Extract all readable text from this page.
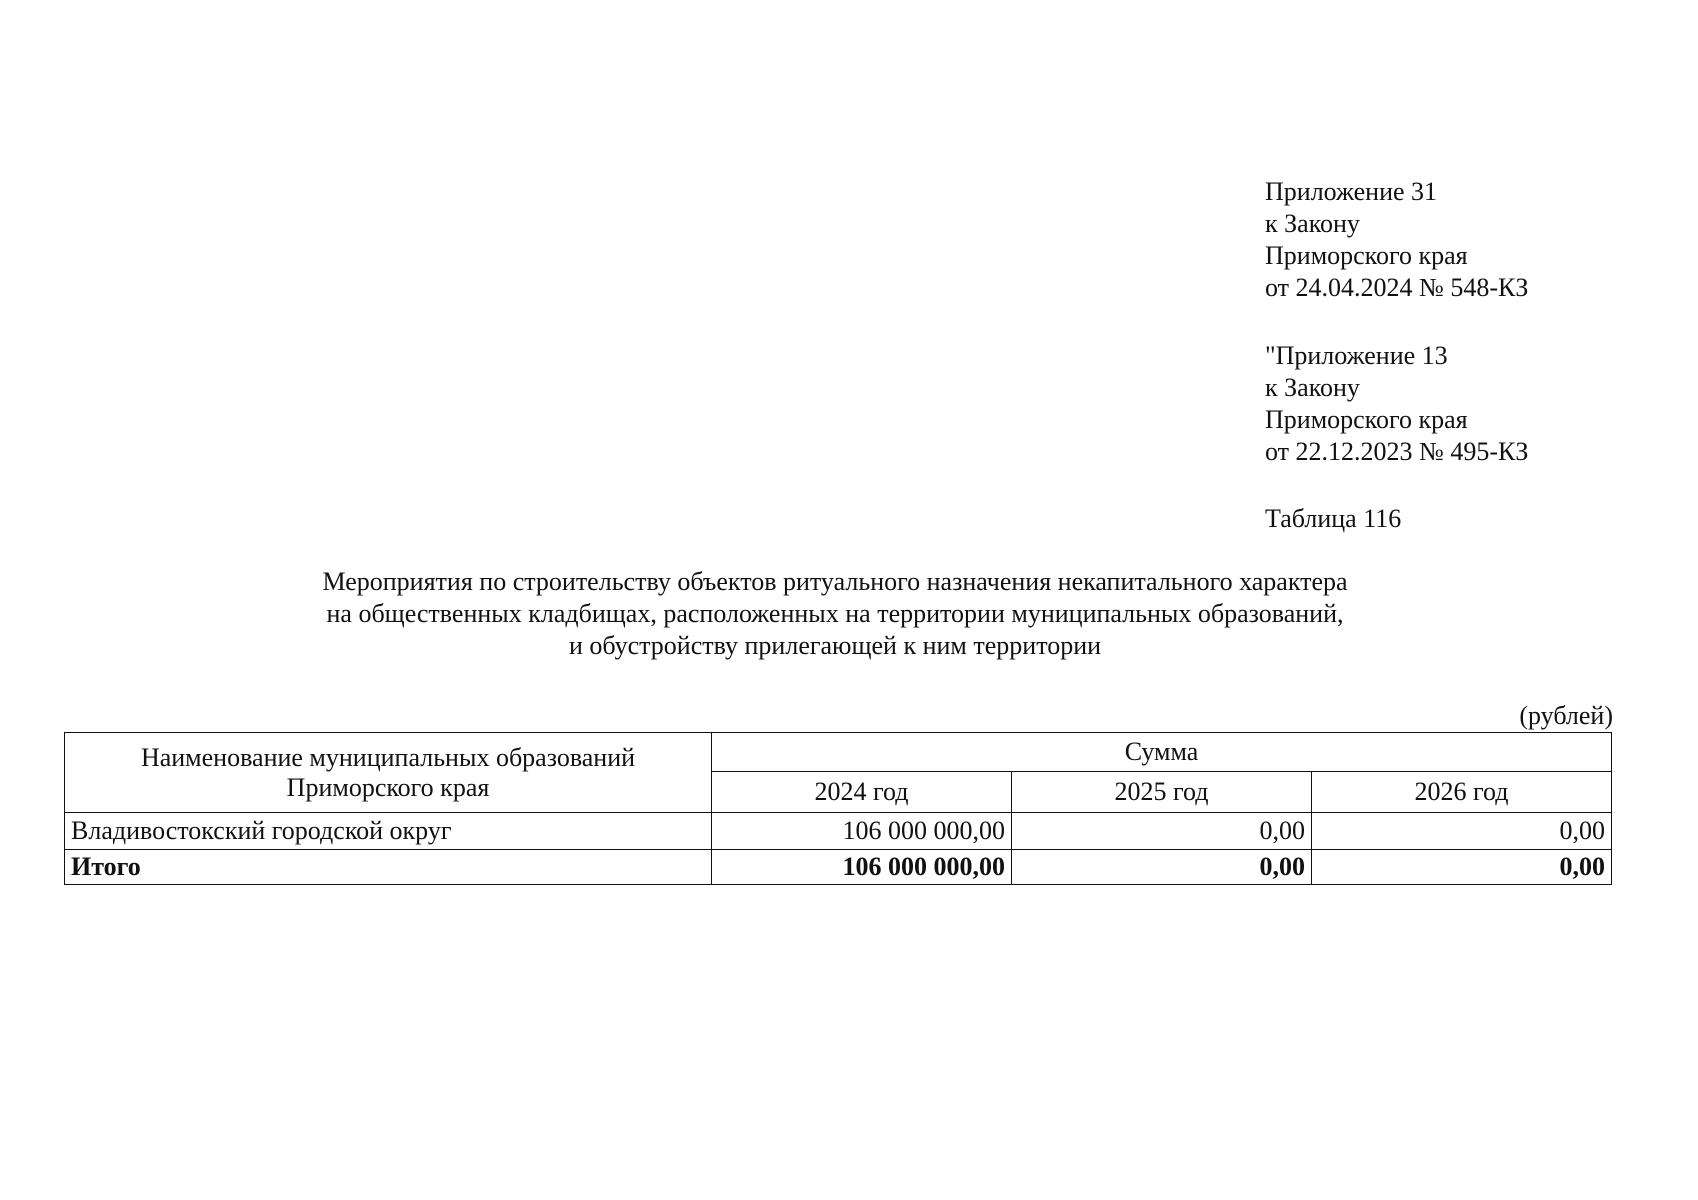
Приложение 31
к Закону
Приморского края
от 24.04.2024 № 548-КЗ
"Приложение 13
к Закону
Приморского края
от 22.12.2023 № 495-КЗ
Таблица 116
Мероприятия по строительству объектов ритуального назначения некапитального характера
на общественных кладбищах, расположенных на территории муниципальных образований,
и обустройству прилегающей к ним территории
(рублей)
Наименование муниципальных образований
Приморского края	Сумма		
	2024 год	2025 год	2026 год
Владивостокский городской округ	106 000 000,00	0,00	0,00
Итого	106 000 000,00	0,00	0,00
